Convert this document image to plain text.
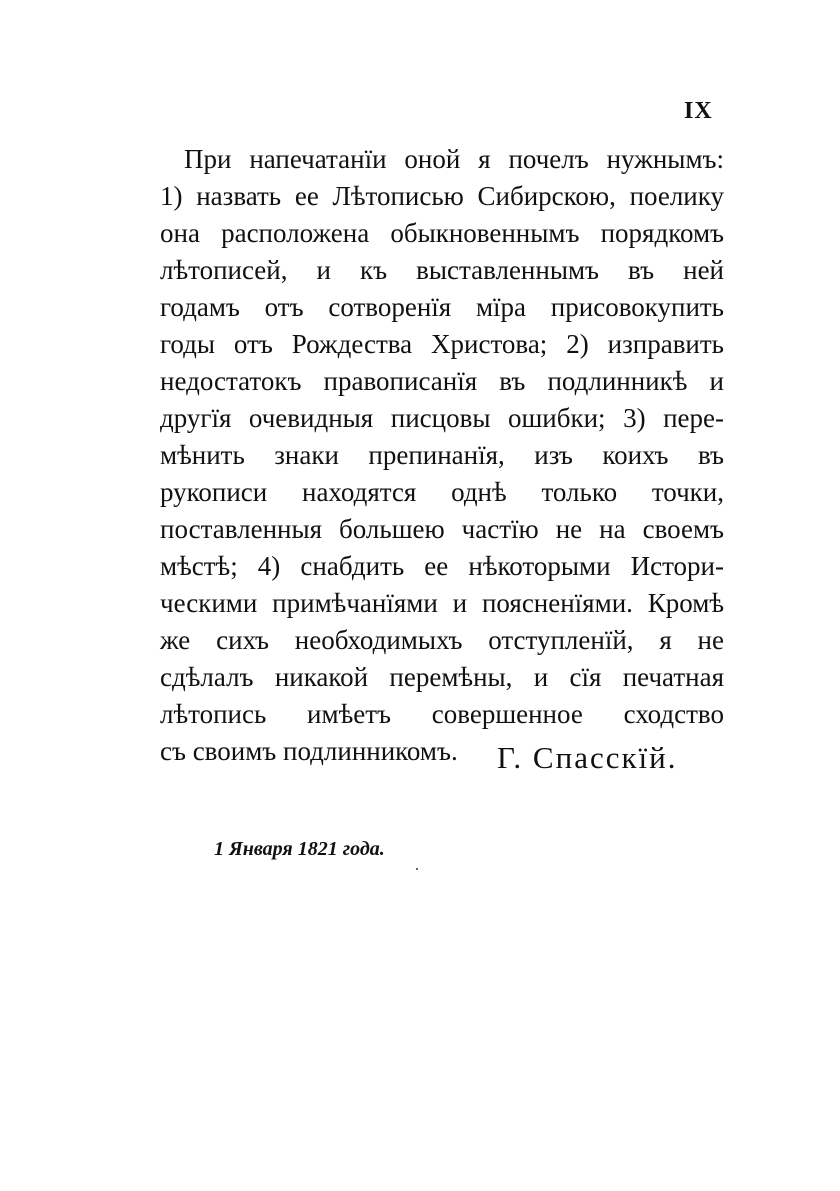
IX
При напечатанїи оной я почелъ нужнымъ:
1) назвать ее Лѣтописью Сибирскою, поелику
она расположена обыкновеннымъ порядкомъ
лѣтописей, и къ выставленнымъ въ ней
годамъ отъ сотворенїя мїра присовокупить
годы отъ Рождества Христова; 2) изправить
недостатокъ правописанїя въ подлинникѣ и
другїя очевидныя писцовы ошибки; 3) пере-
мѣнить знаки препинанїя, изъ коихъ въ
рукописи находятся однѣ только точки,
поставленныя большею частїю не на своемъ
мѣстѣ; 4) снабдить ее нѣкоторыми Истори-
ческими примѣчанїями и поясненїями. Кромѣ
же сихъ необходимыхъ отступленїй, я не
сдѣлалъ никакой перемѣны, и сїя печатная
лѣтопись имѣетъ совершенное сходство
съ своимъ подлинникомъ.	Г. Спасскїй.
1 Января 1821 года.
